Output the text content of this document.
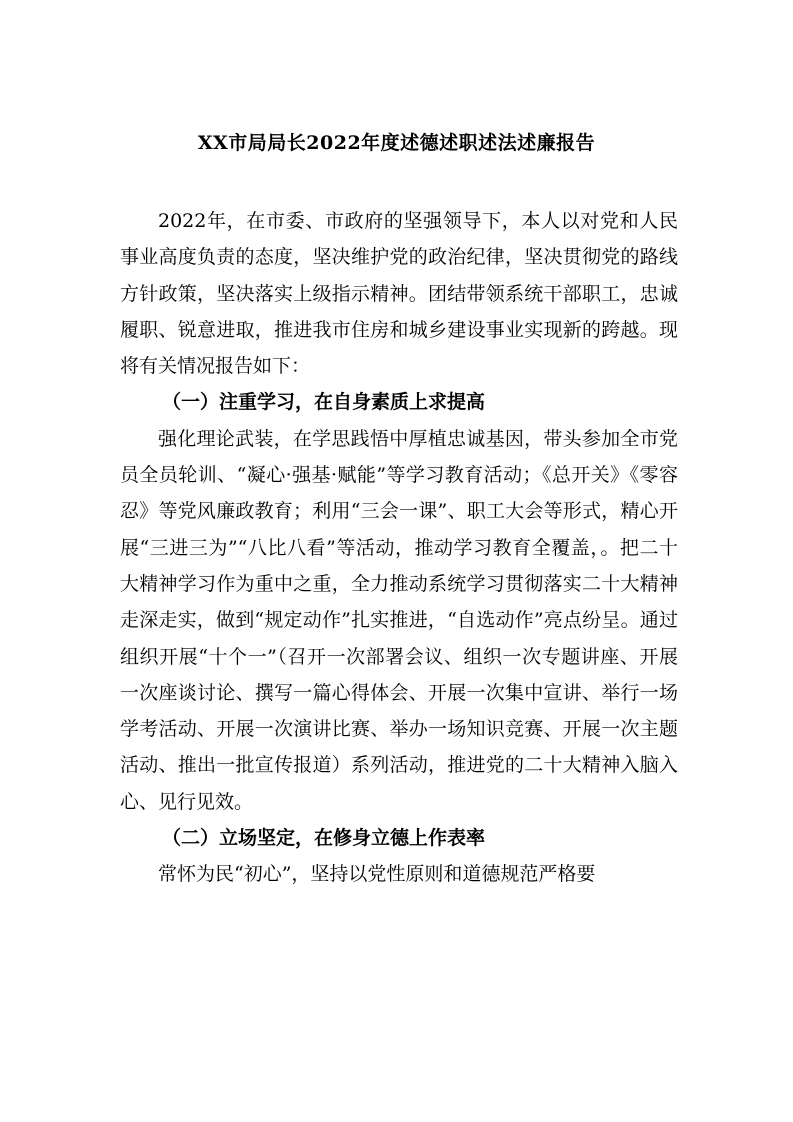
XX市局局长2022年度述德述职述法述廉报告

2022年，在市委、市政府的坚强领导下，本人以对党和人民事业高度负责的态度，坚决维护党的政治纪律，坚决贯彻党的路线方针政策，坚决落实上级指示精神。团结带领系统干部职工，忠诚履职、锐意进取，推进我市住房和城乡建设事业实现新的跨越。现将有关情况报告如下：

（一）注重学习，在自身素质上求提高

强化理论武装，在学思践悟中厚植忠诚基因，带头参加全市党员全员轮训、“凝心·强基·赋能”等学习教育活动；《总开关》《零容忍》等党风廉政教育；利用“三会一课”、职工大会等形式，精心开展“三进三为”“八比八看”等活动，推动学习教育全覆盖，。把二十大精神学习作为重中之重，全力推动系统学习贯彻落实二十大精神走深走实，做到“规定动作”扎实推进，“自选动作”亮点纷呈。通过组织开展“十个一”（召开一次部署会议、组织一次专题讲座、开展一次座谈讨论、撰写一篇心得体会、开展一次集中宣讲、举行一场学考活动、开展一次演讲比赛、举办一场知识竞赛、开展一次主题活动、推出一批宣传报道）系列活动，推进党的二十大精神入脑入心、见行见效。

（二）立场坚定，在修身立德上作表率

常怀为民“初心”，坚持以党性原则和道德规范严格要
